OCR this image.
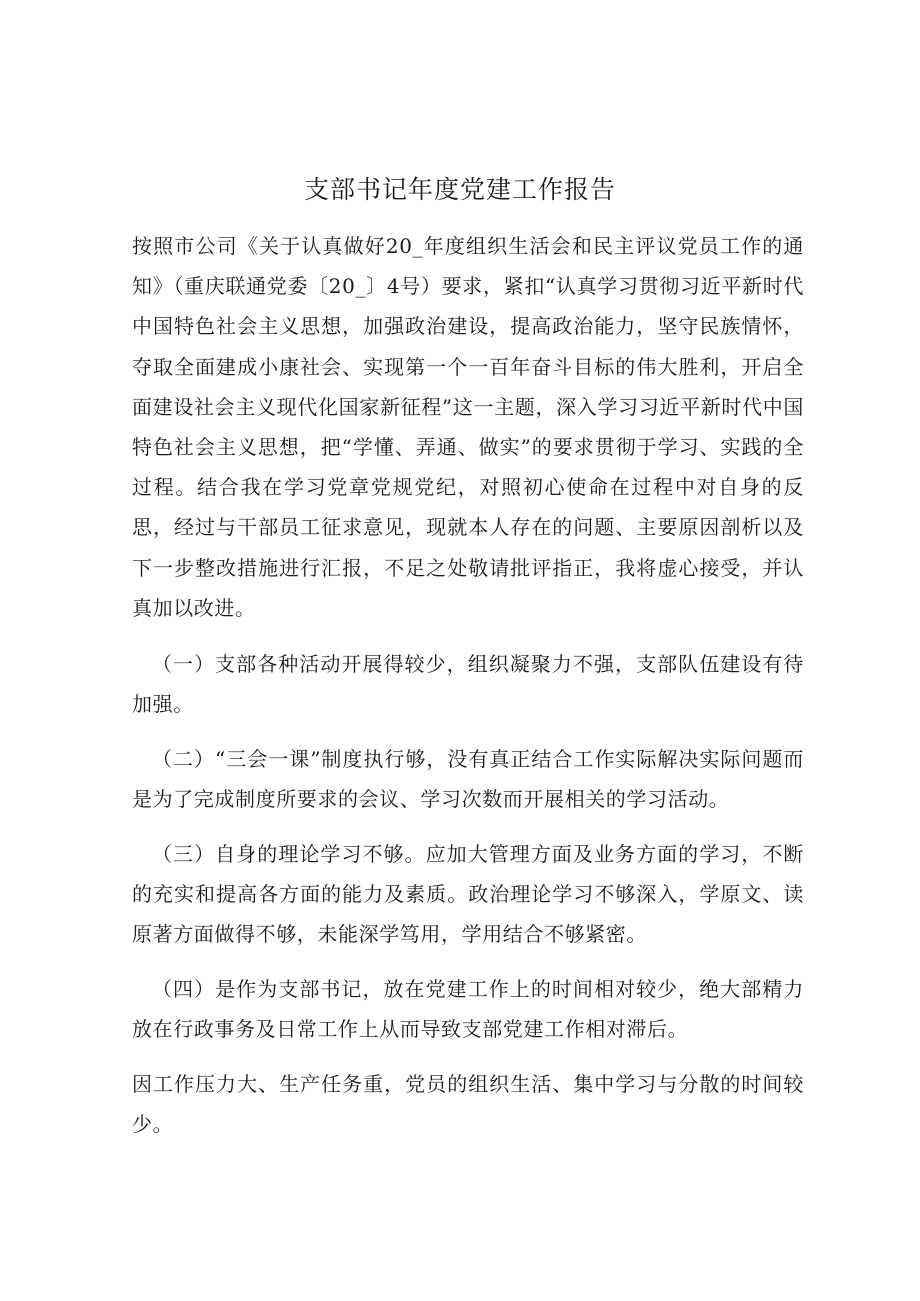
支部书记年度党建工作报告

按照市公司《关于认真做好20_年度组织生活会和民主评议党员工作的通知》（重庆联通党委〔20_〕4号）要求，紧扣“认真学习贯彻习近平新时代中国特色社会主义思想，加强政治建设，提高政治能力，坚守民族情怀，夺取全面建成小康社会、实现第一个一百年奋斗目标的伟大胜利，开启全面建设社会主义现代化国家新征程”这一主题，深入学习习近平新时代中国特色社会主义思想，把“学懂、弄通、做实”的要求贯彻于学习、实践的全过程。结合我在学习党章党规党纪，对照初心使命在过程中对自身的反思，经过与干部员工征求意见，现就本人存在的问题、主要原因剖析以及下一步整改措施进行汇报，不足之处敬请批评指正，我将虚心接受，并认真加以改进。

（一）支部各种活动开展得较少，组织凝聚力不强，支部队伍建设有待加强。

（二）“三会一课”制度执行够，没有真正结合工作实际解决实际问题而是为了完成制度所要求的会议、学习次数而开展相关的学习活动。

（三）自身的理论学习不够。应加大管理方面及业务方面的学习，不断的充实和提高各方面的能力及素质。政治理论学习不够深入，学原文、读原著方面做得不够，未能深学笃用，学用结合不够紧密。

（四）是作为支部书记，放在党建工作上的时间相对较少，绝大部精力放在行政事务及日常工作上从而导致支部党建工作相对滞后。

因工作压力大、生产任务重，党员的组织生活、集中学习与分散的时间较少。
